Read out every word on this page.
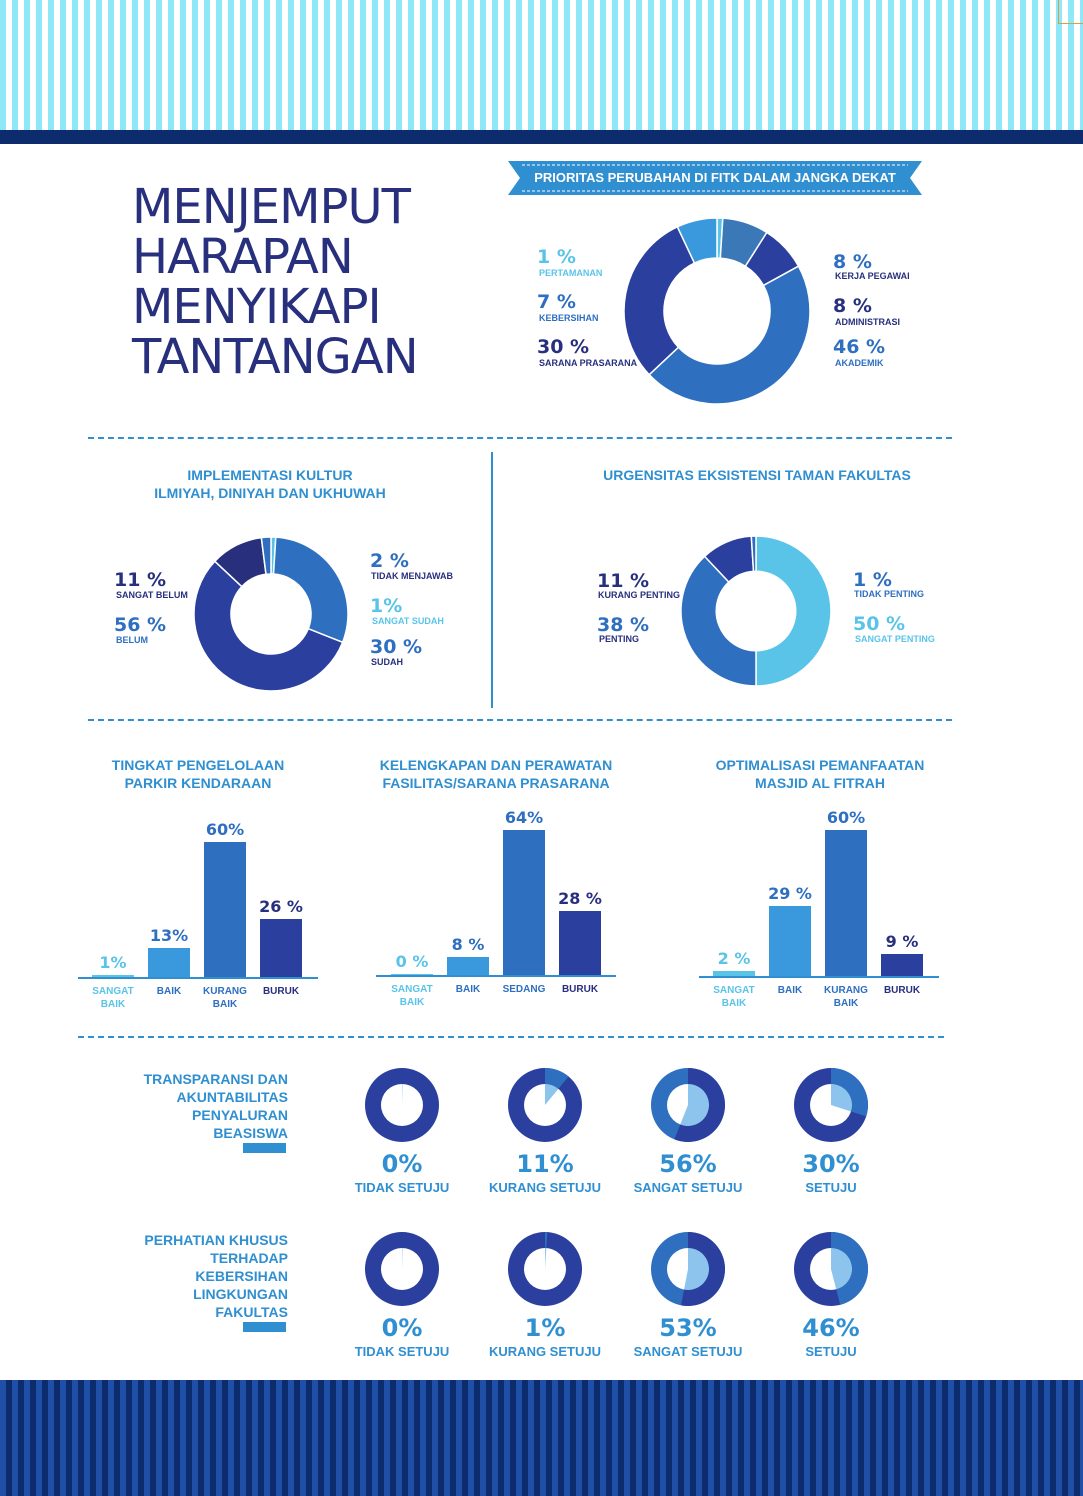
MENJEMPUT
HARAPAN
MENYIKAPI
TANTANGAN
PRIORITAS PERUBAHAN DI FITK DALAM JANGKA DEKAT
1 %
PERTAMANAN
7 %
KEBERSIHAN
30 %
SARANA PRASARANA
8 %
KERJA PEGAWAI
8 %
ADMINISTRASI
46 %
AKADEMIK
IMPLEMENTASI KULTUR
ILMIYAH, DINIYAH DAN UKHUWAH
11 %
SANGAT BELUM
56 %
BELUM
2 %
TIDAK MENJAWAB
1%
SANGAT SUDAH
30 %
SUDAH
URGENSITAS EKSISTENSI TAMAN FAKULTAS
11 %
KURANG PENTING
38 %
PENTING
1 %
TIDAK PENTING
50 %
SANGAT PENTING
TINGKAT PENGELOLAAN
PARKIR KENDARAAN
KELENGKAPAN DAN PERAWATAN
FASILITAS/SARANA PRASARANA
OPTIMALISASI PEMANFAATAN
MASJID AL FITRAH
TRANSPARANSI DAN
AKUNTABILITAS
PENYALURAN
BEASISWA
PERHATIAN KHUSUS
TERHADAP
KEBERSIHAN
LINGKUNGAN
FAKULTAS
1%
SANGAT
BAIK
13%
BAIK
60%
KURANG
BAIK
26 %
BURUK
0 %
SANGAT
BAIK
8 %
BAIK
64%
SEDANG
28 %
BURUK
2 %
SANGAT
BAIK
29 %
BAIK
60%
KURANG
BAIK
9 %
BURUK
0%
TIDAK SETUJU
11%
KURANG SETUJU
56%
SANGAT SETUJU
30%
SETUJU
0%
TIDAK SETUJU
1%
KURANG SETUJU
53%
SANGAT SETUJU
46%
SETUJU
